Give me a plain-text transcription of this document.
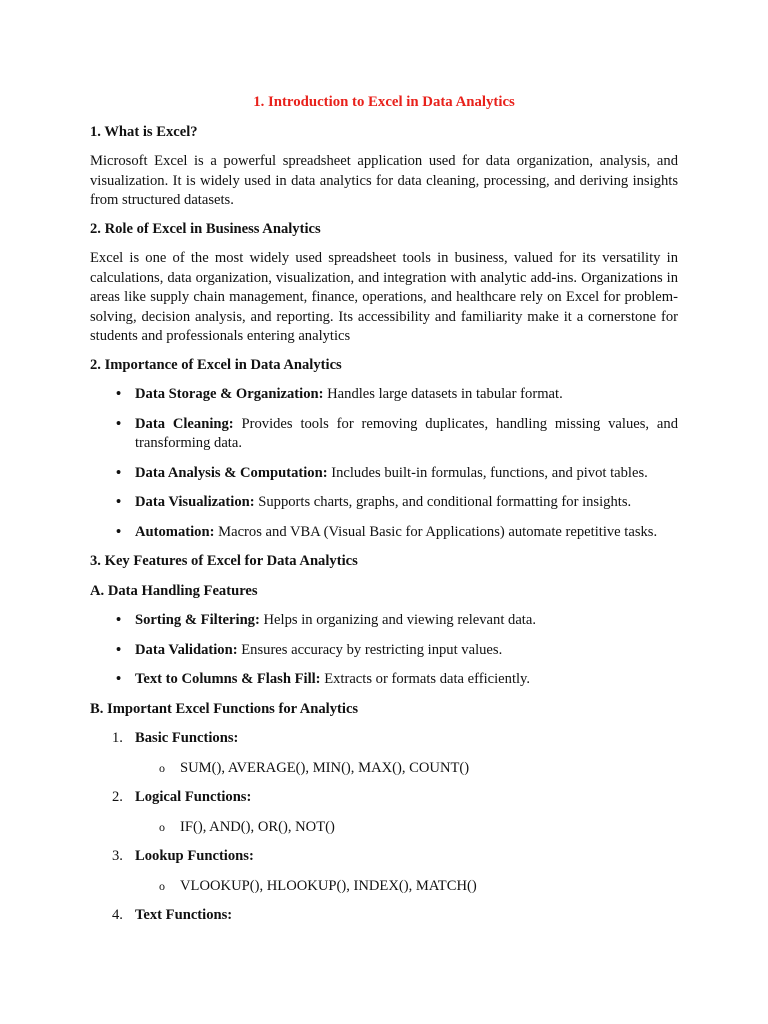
1. Introduction to Excel in Data Analytics
1. What is Excel?

Microsoft Excel is a powerful spreadsheet application used for data organization, analysis, and visualization. It is widely used in data analytics for data cleaning, processing, and deriving insights from structured datasets.

2. Role of Excel in Business Analytics

Excel is one of the most widely used spreadsheet tools in business, valued for its versatility in calculations, data organization, visualization, and integration with analytic add-ins. Organizations in areas like supply chain management, finance, operations, and healthcare rely on Excel for problem-solving, decision analysis, and reporting. Its accessibility and familiarity make it a cornerstone for students and professionals entering analytics

2. Importance of Excel in Data Analytics
• Data Storage & Organization: Handles large datasets in tabular format.
• Data Cleaning: Provides tools for removing duplicates, handling missing values, and transforming data.
• Data Analysis & Computation: Includes built-in formulas, functions, and pivot tables.
• Data Visualization: Supports charts, graphs, and conditional formatting for insights.
• Automation: Macros and VBA (Visual Basic for Applications) automate repetitive tasks.
3. Key Features of Excel for Data Analytics
A. Data Handling Features
• Sorting & Filtering: Helps in organizing and viewing relevant data.
• Data Validation: Ensures accuracy by restricting input values.
• Text to Columns & Flash Fill: Extracts or formats data efficiently.
B. Important Excel Functions for Analytics
1. Basic Functions:
o SUM(), AVERAGE(), MIN(), MAX(), COUNT()
2. Logical Functions:
o IF(), AND(), OR(), NOT()
3. Lookup Functions:
o VLOOKUP(), HLOOKUP(), INDEX(), MATCH()
4. Text Functions:
